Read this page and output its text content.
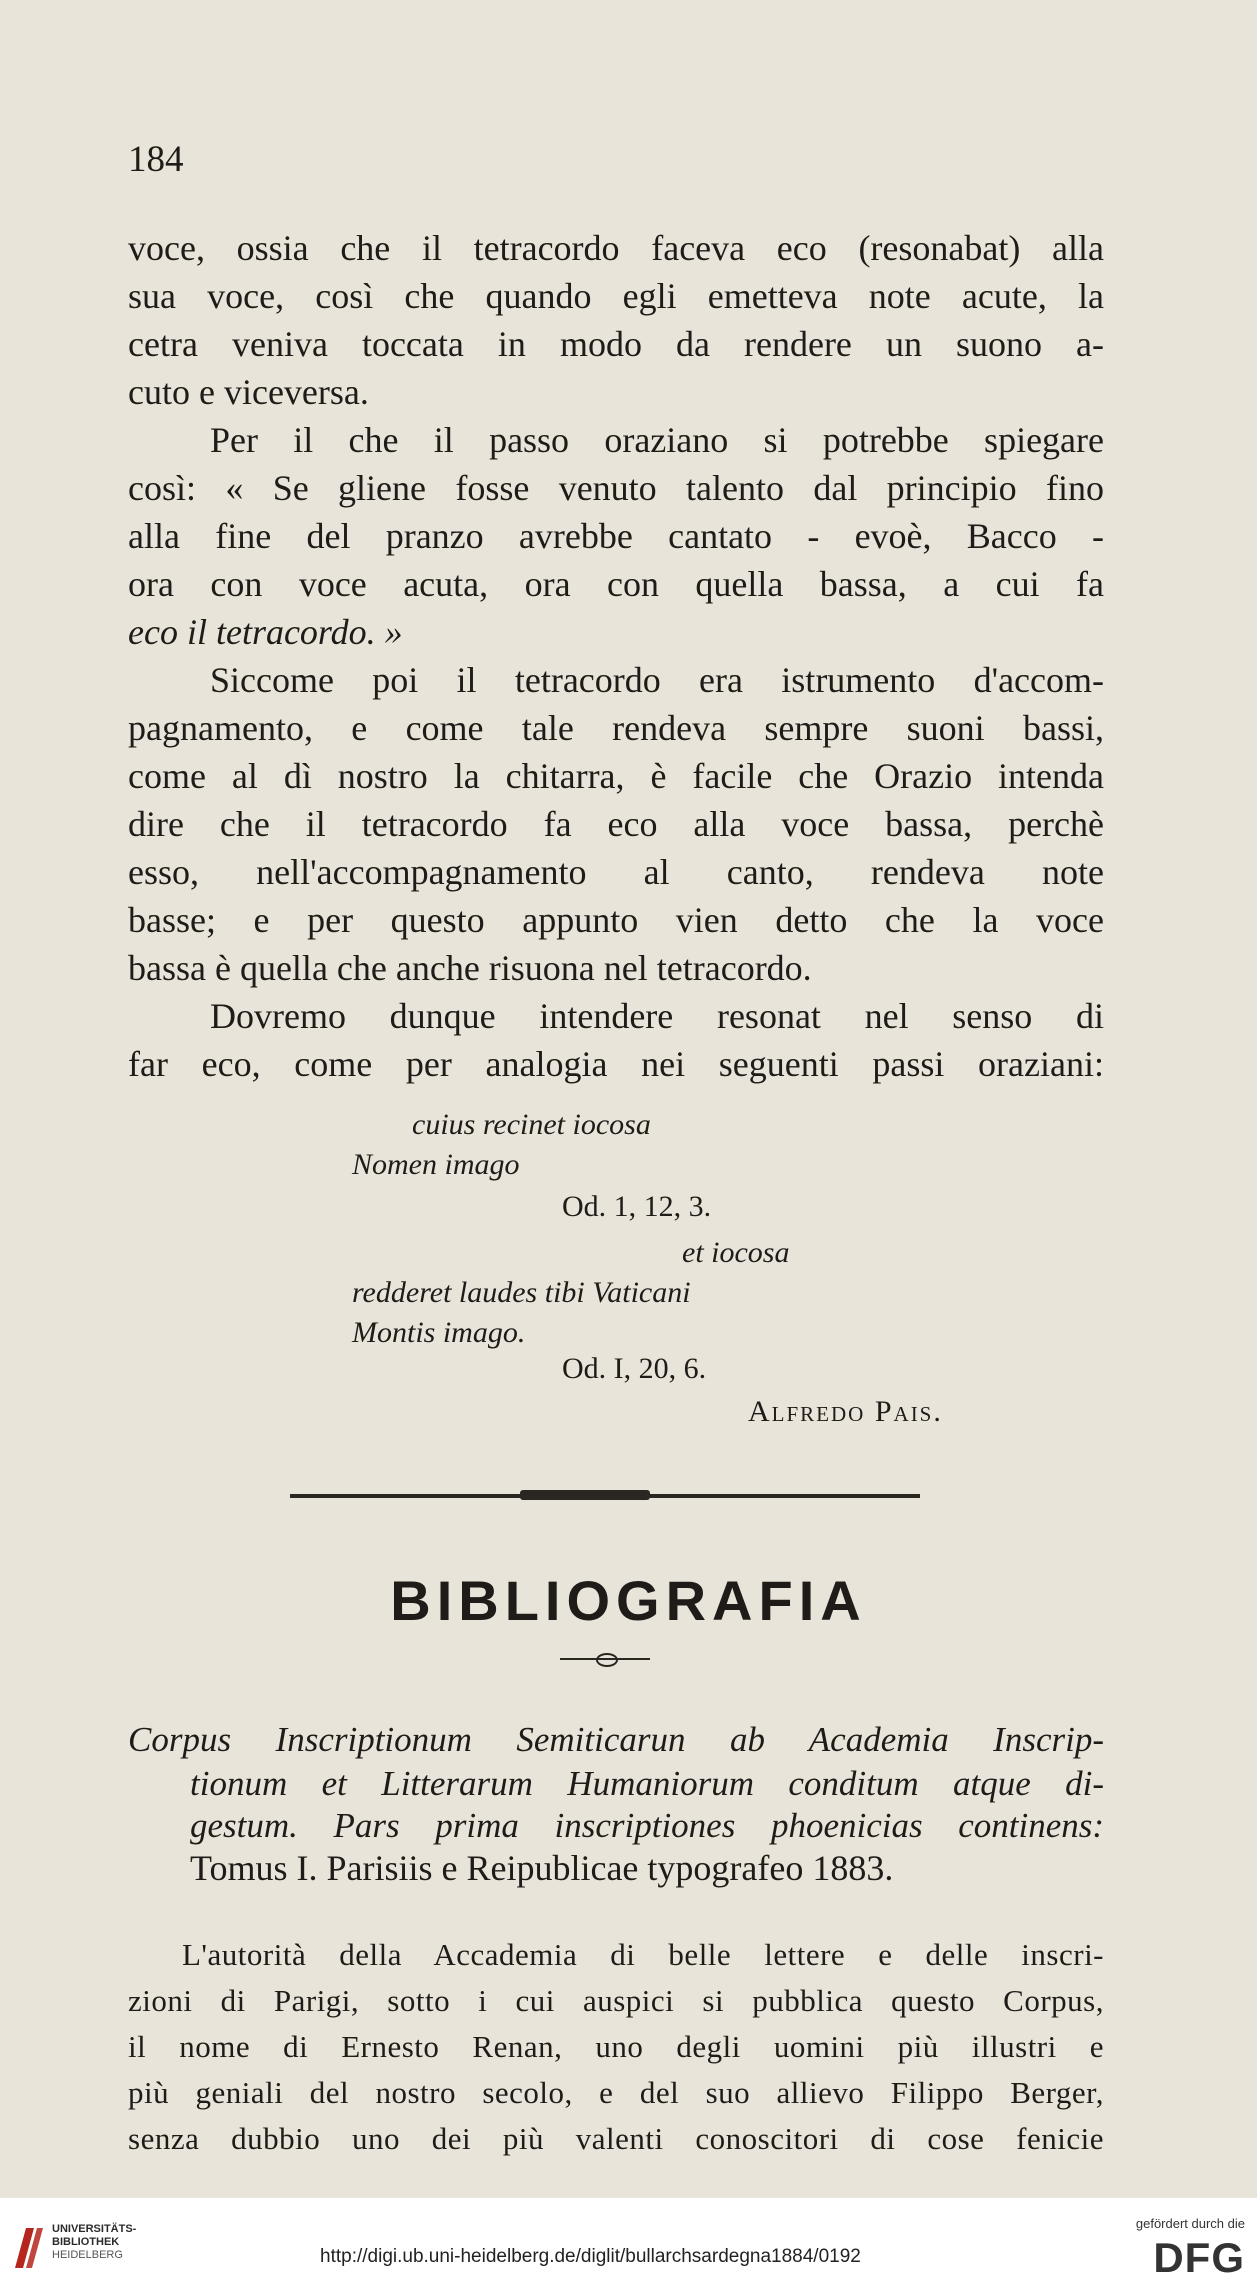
184
voce, ossia che il tetracordo faceva eco (resonabat) alla
sua voce, così che quando egli emetteva note acute, la
cetra veniva toccata in modo da rendere un suono a-
cuto e viceversa.
Per il che il passo oraziano si potrebbe spiegare
così: « Se gliene fosse venuto talento dal principio fino
alla fine del pranzo avrebbe cantato - evoè, Bacco -
ora con voce acuta, ora con quella bassa, a cui fa
eco il tetracordo. »
Siccome poi il tetracordo era istrumento d'accom-
pagnamento, e come tale rendeva sempre suoni bassi,
come al dì nostro la chitarra, è facile che Orazio intenda
dire che il tetracordo fa eco alla voce bassa, perchè
esso, nell'accompagnamento al canto, rendeva note
basse; e per questo appunto vien detto che la voce
bassa è quella che anche risuona nel tetracordo.
Dovremo dunque intendere resonat nel senso di
far eco, come per analogia nei seguenti passi oraziani:
cuius recinet iocosa
Nomen imago
Od. 1, 12, 3.
et iocosa
redderet laudes tibi Vaticani
Montis imago.
Od. I, 20, 6.
Alfredo Pais.
BIBLIOGRAFIA
Corpus Inscriptionum Semiticarun ab Academia Inscrip-
tionum et Litterarum Humaniorum conditum atque di-
gestum. Pars prima inscriptiones phoenicias continens:
Tomus I. Parisiis e Reipublicae typografeo 1883.
L'autorità della Accademia di belle lettere e delle inscri-
zioni di Parigi, sotto i cui auspici si pubblica questo Corpus,
il nome di Ernesto Renan, uno degli uomini più illustri e
più geniali del nostro secolo, e del suo allievo Filippo Berger,
senza dubbio uno dei più valenti conoscitori di cose fenicie
UNIVERSITÄTS-
BIBLIOTHEK
HEIDELBERG	http://digi.ub.uni-heidelberg.de/diglit/bullarchsardegna1884/0192
gefördert durch die
DFG
